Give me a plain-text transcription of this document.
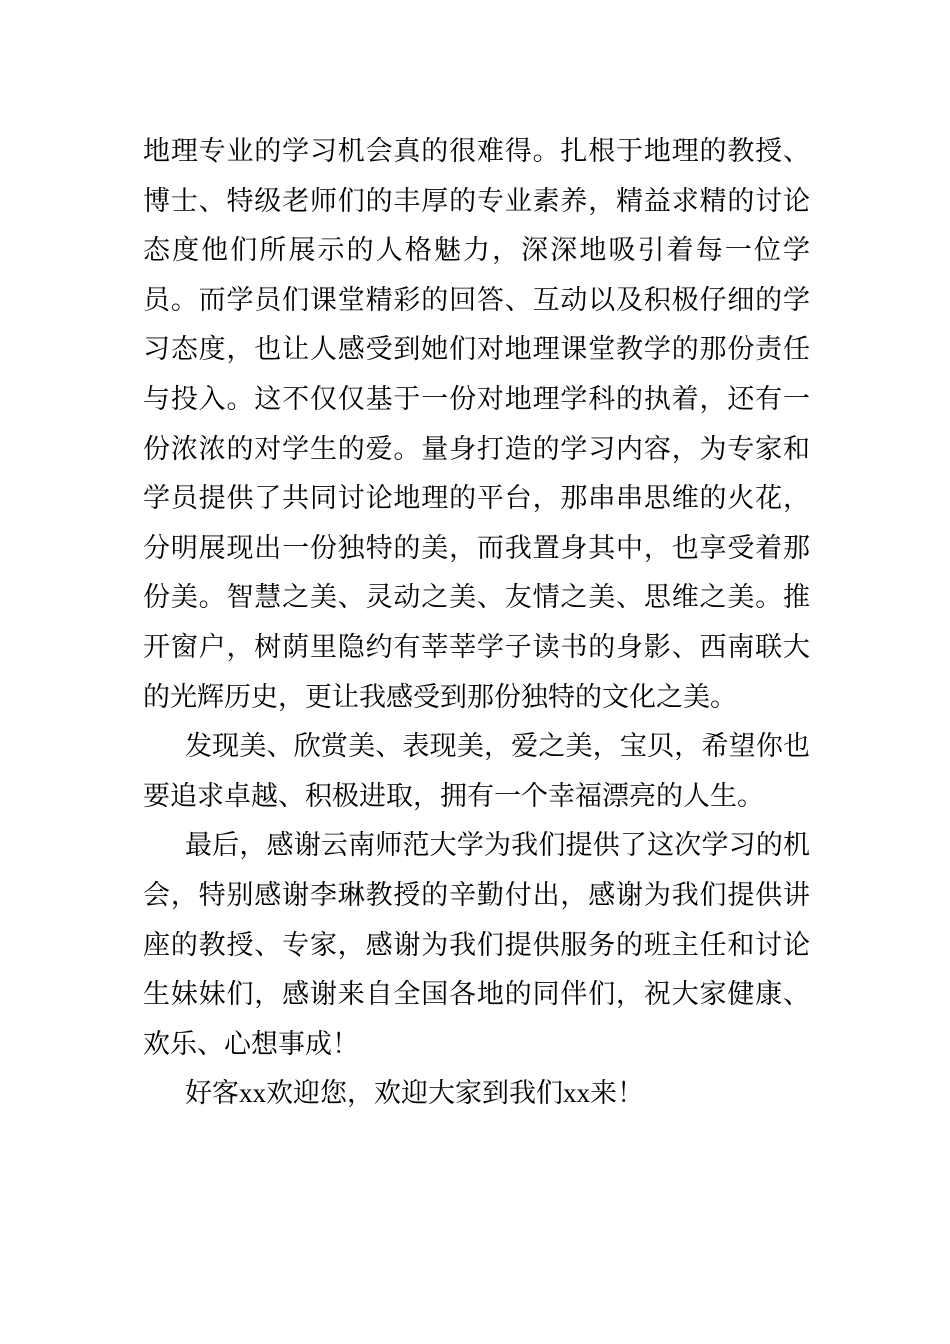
地理专业的学习机会真的很难得。扎根于地理的教授、博士、特级老师们的丰厚的专业素养，精益求精的讨论态度他们所展示的人格魅力，深深地吸引着每一位学员。而学员们课堂精彩的回答、互动以及积极仔细的学习态度，也让人感受到她们对地理课堂教学的那份责任与投入。这不仅仅基于一份对地理学科的执着，还有一份浓浓的对学生的爱。量身打造的学习内容，为专家和学员提供了共同讨论地理的平台，那串串思维的火花，分明展现出一份独特的美，而我置身其中，也享受着那份美。智慧之美、灵动之美、友情之美、思维之美。推开窗户，树荫里隐约有莘莘学子读书的身影、西南联大的光辉历史，更让我感受到那份独特的文化之美。

发现美、欣赏美、表现美，爱之美，宝贝，希望你也要追求卓越、积极进取，拥有一个幸福漂亮的人生。

最后，感谢云南师范大学为我们提供了这次学习的机会，特别感谢李琳教授的辛勤付出，感谢为我们提供讲座的教授、专家，感谢为我们提供服务的班主任和讨论生妹妹们，感谢来自全国各地的同伴们，祝大家健康、欢乐、心想事成！

好客xx欢迎您，欢迎大家到我们xx来！
